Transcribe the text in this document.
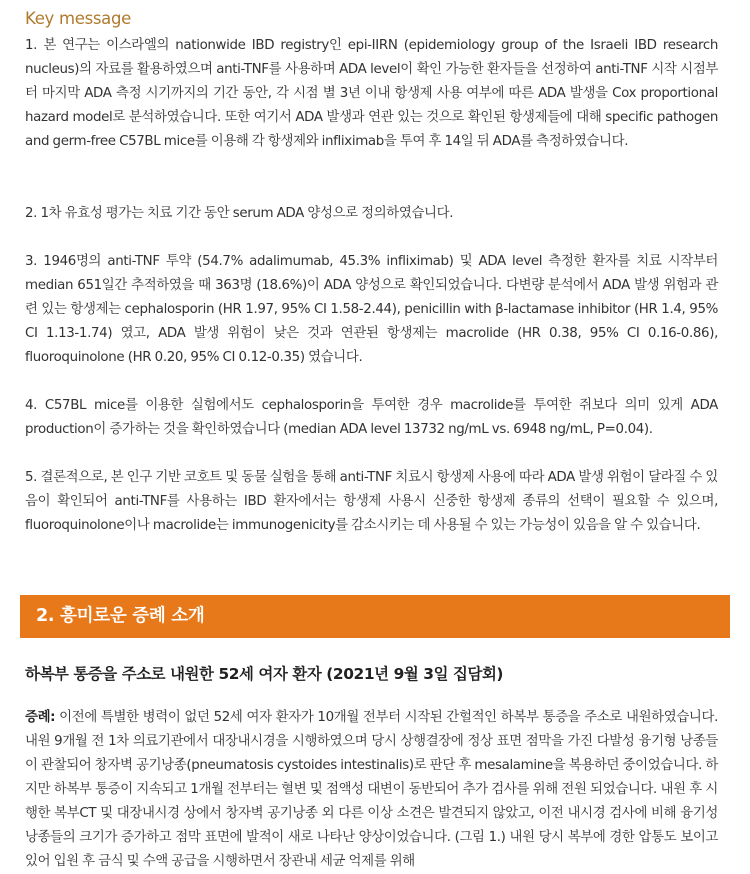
Key message

1. 본 연구는 이스라엘의 nationwide IBD registry인 epi-IIRN (epidemiology group of the Israeli IBD research nucleus)의 자료를 활용하였으며 anti-TNF를 사용하며 ADA level이 확인 가능한 환자들을 선정하여 anti-TNF 시작 시점부터 마지막 ADA 측정 시기까지의 기간 동안, 각 시점 별 3년 이내 항생제 사용 여부에 따른 ADA 발생을 Cox proportional hazard model로 분석하였습니다. 또한 여기서 ADA 발생과 연관 있는 것으로 확인된 항생제들에 대해 specific pathogen and germ-free C57BL mice를 이용해 각 항생제와 infliximab을 투여 후 14일 뒤 ADA를 측정하였습니다.

2. 1차 유효성 평가는 치료 기간 동안 serum ADA 양성으로 정의하였습니다.

3. 1946명의 anti-TNF 투약 (54.7% adalimumab, 45.3% infliximab) 및 ADA level 측정한 환자를 치료 시작부터 median 651일간 추적하였을 때 363명 (18.6%)이 ADA 양성으로 확인되었습니다. 다변량 분석에서 ADA 발생 위험과 관련 있는 항생제는 cephalosporin (HR 1.97, 95% CI 1.58-2.44), penicillin with β-lactamase inhibitor (HR 1.4, 95% CI 1.13-1.74) 였고, ADA 발생 위험이 낮은 것과 연관된 항생제는 macrolide (HR 0.38, 95% CI 0.16-0.86), fluoroquinolone (HR 0.20, 95% CI 0.12-0.35) 였습니다.

4. C57BL mice를 이용한 실험에서도 cephalosporin을 투여한 경우 macrolide를 투여한 쥐보다 의미 있게 ADA production이 증가하는 것을 확인하였습니다 (median ADA level 13732 ng/mL vs. 6948 ng/mL, P=0.04).

5. 결론적으로, 본 인구 기반 코호트 및 동물 실험을 통해 anti-TNF 치료시 항생제 사용에 따라 ADA 발생 위험이 달라질 수 있음이 확인되어 anti-TNF를 사용하는 IBD 환자에서는 항생제 사용시 신중한 항생제 종류의 선택이 필요할 수 있으며, fluoroquinolone이나 macrolide는 immunogenicity를 감소시키는 데 사용될 수 있는 가능성이 있음을 알 수 있습니다.

2. 흥미로운 증례 소개
하복부 통증을 주소로 내원한 52세 여자 환자 (2021년 9월 3일 집담회)

증례: 이전에 특별한 병력이 없던 52세 여자 환자가 10개월 전부터 시작된 간헐적인 하복부 통증을 주소로 내원하였습니다. 내원 9개월 전 1차 의료기관에서 대장내시경을 시행하였으며 당시 상행결장에 정상 표면 점막을 가진 다발성 융기형 낭종들이 관찰되어 창자벽 공기낭종(pneumatosis cystoides intestinalis)로 판단 후 mesalamine을 복용하던 중이었습니다. 하지만 하복부 통증이 지속되고 1개월 전부터는 혈변 및 점액성 대변이 동반되어 추가 검사를 위해 전원 되었습니다. 내원 후 시행한 복부CT 및 대장내시경 상에서 창자벽 공기낭종 외 다른 이상 소견은 발견되지 않았고, 이전 내시경 검사에 비해 융기성 낭종들의 크기가 증가하고 점막 표면에 발적이 새로 나타난 양상이었습니다. (그림 1.) 내원 당시 복부에 경한 압통도 보이고 있어 입원 후 금식 및 수액 공급을 시행하면서 장관내 세균 억제를 위해
